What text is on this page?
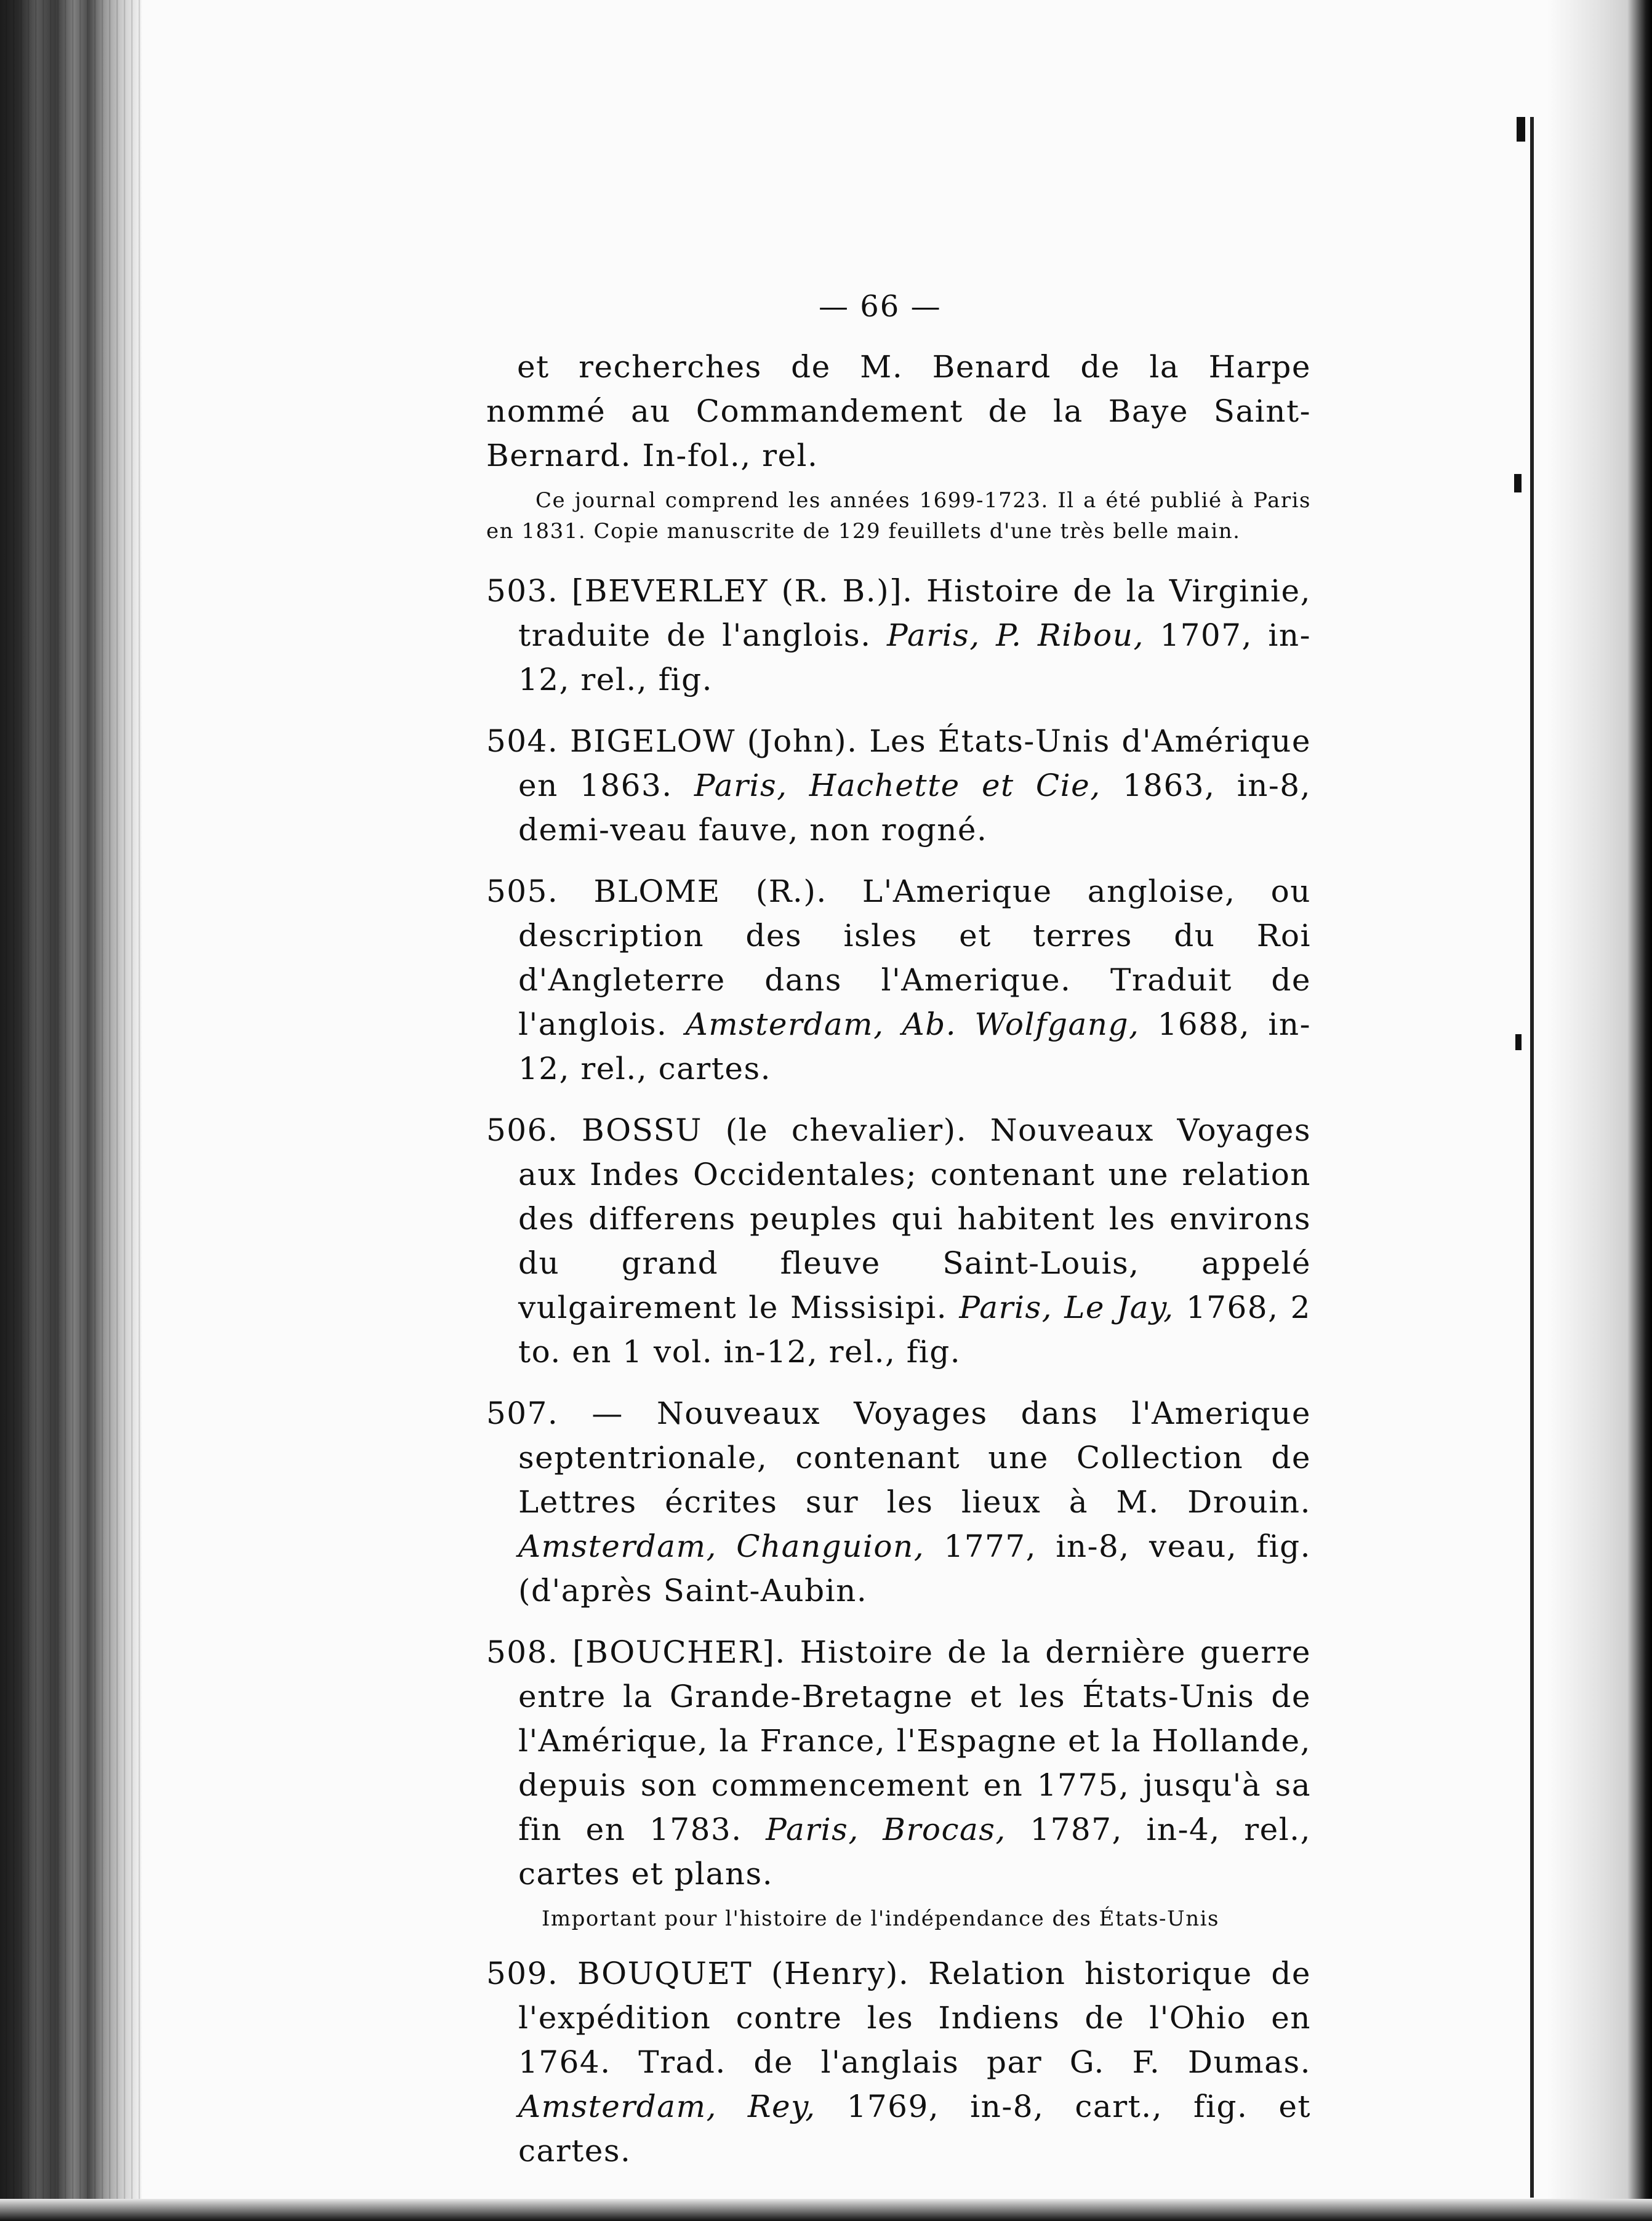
— 66 —

et recherches de M. Benard de la Harpe nommé au Commandement de la Baye Saint-Bernard. In-fol., rel.

Ce journal comprend les années 1699-1723. Il a été publié à Paris en 1831. Copie manuscrite de 129 feuillets d'une très belle main.

503. [BEVERLEY (R. B.)]. Histoire de la Virginie, traduite de l'anglois. Paris, P. Ribou, 1707, in-12, rel., fig.

504. BIGELOW (John). Les États-Unis d'Amérique en 1863. Paris, Hachette et Cie, 1863, in-8, demi-veau fauve, non rogné.

505. BLOME (R.). L'Amerique angloise, ou description des isles et terres du Roi d'Angleterre dans l'Amerique. Traduit de l'anglois. Amsterdam, Ab. Wolfgang, 1688, in-12, rel., cartes.

506. BOSSU (le chevalier). Nouveaux Voyages aux Indes Occidentales; contenant une relation des differens peuples qui habitent les environs du grand fleuve Saint-Louis, appelé vulgairement le Missisipi. Paris, Le Jay, 1768, 2 to. en 1 vol. in-12, rel., fig.

507. — Nouveaux Voyages dans l'Amerique septentrionale, contenant une Collection de Lettres écrites sur les lieux à M. Drouin. Amsterdam, Changuion, 1777, in-8, veau, fig. (d'après Saint-Aubin.

508. [BOUCHER]. Histoire de la dernière guerre entre la Grande-Bretagne et les États-Unis de l'Amérique, la France, l'Espagne et la Hollande, depuis son commencement en 1775, jusqu'à sa fin en 1783. Paris, Brocas, 1787, in-4, rel., cartes et plans.

Important pour l'histoire de l'indépendance des États-Unis

509. BOUQUET (Henry). Relation historique de l'expédition contre les Indiens de l'Ohio en 1764. Trad. de l'anglais par G. F. Dumas. Amsterdam, Rey, 1769, in-8, cart., fig. et cartes.
